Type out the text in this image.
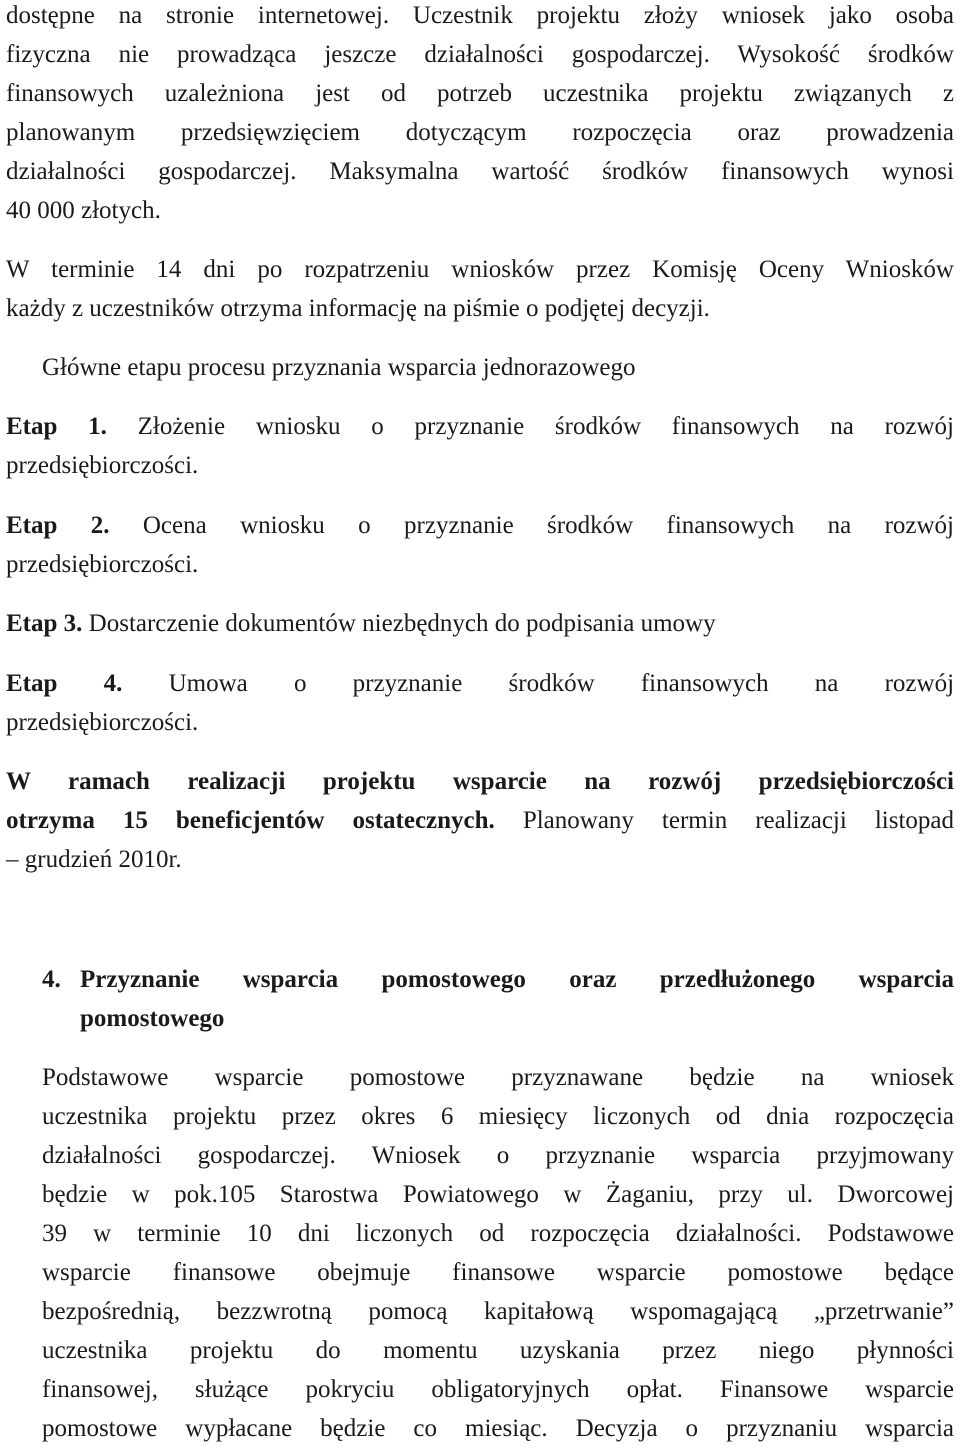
dostępne na stronie internetowej. Uczestnik projektu złoży wniosek jako osoba
fizyczna nie prowadząca jeszcze działalności gospodarczej. Wysokość środków
finansowych uzależniona jest od potrzeb uczestnika projektu związanych z
planowanym przedsięwzięciem dotyczącym rozpoczęcia oraz prowadzenia
działalności gospodarczej. Maksymalna wartość środków finansowych wynosi
40 000 złotych.
W terminie 14 dni po rozpatrzeniu wniosków przez Komisję Oceny Wniosków
każdy z uczestników otrzyma informację na piśmie o podjętej decyzji.
Główne etapu procesu przyznania wsparcia jednorazowego
Etap 1. Złożenie wniosku o przyznanie środków finansowych na rozwój
przedsiębiorczości.
Etap 2. Ocena wniosku o przyznanie środków finansowych na rozwój
przedsiębiorczości.
Etap 3. Dostarczenie dokumentów niezbędnych do podpisania umowy
Etap 4. Umowa o przyznanie środków finansowych na rozwój
przedsiębiorczości.
W ramach realizacji projektu wsparcie na rozwój przedsiębiorczości
otrzyma 15 beneficjentów ostatecznych. Planowany termin realizacji listopad
– grudzień 2010r.
4. Przyznanie wsparcia pomostowego oraz przedłużonego wsparcia
pomostowego
Podstawowe wsparcie pomostowe przyznawane będzie na wniosek
uczestnika projektu przez okres 6 miesięcy liczonych od dnia rozpoczęcia
działalności gospodarczej. Wniosek o przyznanie wsparcia przyjmowany
będzie w pok.105 Starostwa Powiatowego w Żaganiu, przy ul. Dworcowej
39 w terminie 10 dni liczonych od rozpoczęcia działalności. Podstawowe
wsparcie finansowe obejmuje finansowe wsparcie pomostowe będące
bezpośrednią, bezzwrotną pomocą kapitałową wspomagającą „przetrwanie”
uczestnika projektu do momentu uzyskania przez niego płynności
finansowej, służące pokryciu obligatoryjnych opłat. Finansowe wsparcie
pomostowe wypłacane będzie co miesiąc. Decyzja o przyznaniu wsparcia
